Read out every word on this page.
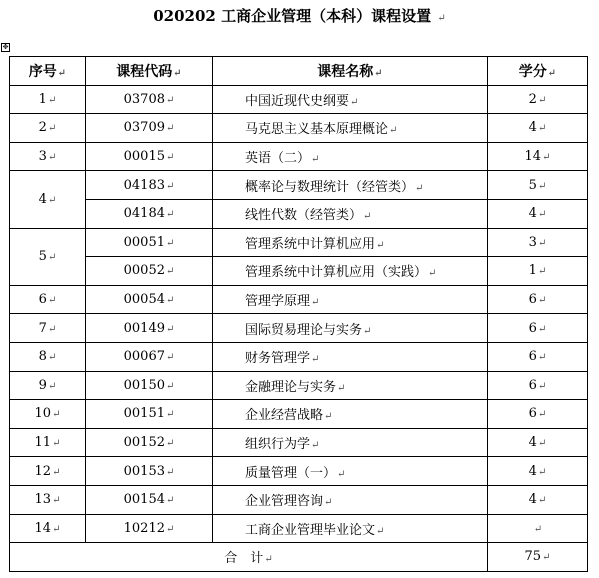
020202 工商企业管理（本科）课程设置 ↵
✥
序号↵	课程代码↵	课程名称↵	学分↵
1↵	03708↵	中国近现代史纲要↵	2↵
2↵	03709↵	马克思主义基本原理概论↵	4↵
3↵	00015↵	英语（二）↵	14↵
4↵	04183↵	概率论与数理统计（经管类）↵	5↵
	04184↵	线性代数（经管类）↵	4↵
5↵	00051↵	管理系统中计算机应用↵	3↵
	00052↵	管理系统中计算机应用（实践）↵	1↵
6↵	00054↵	管理学原理↵	6↵
7↵	00149↵	国际贸易理论与实务↵	6↵
8↵	00067↵	财务管理学↵	6↵
9↵	00150↵	金融理论与实务↵	6↵
10↵	00151↵	企业经营战略↵	6↵
11↵	00152↵	组织行为学↵	4↵
12↵	00153↵	质量管理（一）↵	4↵
13↵	00154↵	企业管理咨询↵	4↵
14↵	10212↵	工商企业管理毕业论文↵	↵
合　计↵			75↵
